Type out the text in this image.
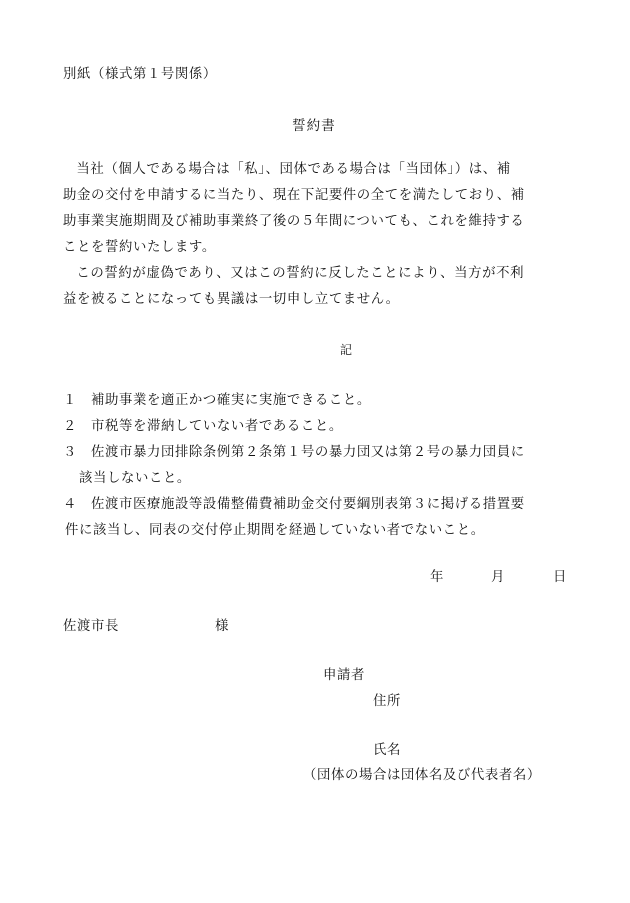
別紙（様式第１号関係）
誓約書

当社（個人である場合は「私」、団体である場合は「当団体」）は、補
助金の交付を申請するに当たり、現在下記要件の全てを満たしており、補
助事業実施期間及び補助事業終了後の５年間についても、これを維持する
ことを誓約いたします。

この誓約が虚偽であり、又はこの誓約に反したことにより、当方が不利
益を被ることになっても異議は一切申し立てません。

記
１	補助事業を適正かつ確実に実施できること。
２	市税等を滞納していない者であること。
３	佐渡市暴力団排除条例第２条第１号の暴力団又は第２号の暴力団員に
該当しないこと。
４	佐渡市医療施設等設備整備費補助金交付要綱別表第３に掲げる措置要
件に該当し、同表の交付停止期間を経過していない者でないこと。
年	月	日
佐渡市長	様
申請者
住所
氏名
（団体の場合は団体名及び代表者名）
